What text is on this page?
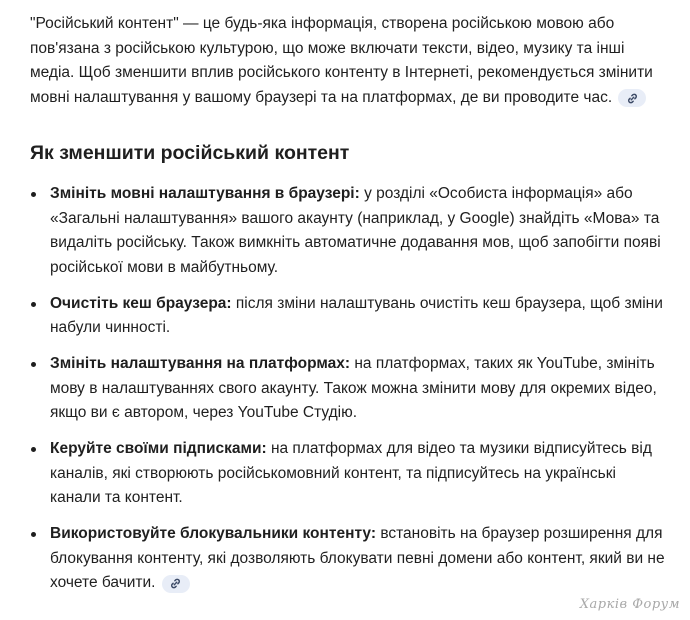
"Російський контент" — це будь-яка інформація, створена російською мовою або пов'язана з російською культурою, що може включати тексти, відео, музику та інші медіа. Щоб зменшити вплив російського контенту в Інтернеті, рекомендується змінити мовні налаштування у вашому браузері та на платформах, де ви проводите час.

Як зменшити російський контент
Змініть мовні налаштування в браузері: у розділі «Особиста інформація» або «Загальні налаштування» вашого акаунту (наприклад, у Google) знайдіть «Мова» та видаліть російську. Також вимкніть автоматичне додавання мов, щоб запобігти появі російської мови в майбутньому.
Очистіть кеш браузера: після зміни налаштувань очистіть кеш браузера, щоб зміни набули чинності.
Змініть налаштування на платформах: на платформах, таких як YouTube, змініть мову в налаштуваннях свого акаунту. Також можна змінити мову для окремих відео, якщо ви є автором, через YouTube Студію.
Керуйте своїми підписками: на платформах для відео та музики відписуйтесь від каналів, які створюють російськомовний контент, та підписуйтесь на українські канали та контент.
Використовуйте блокувальники контенту: встановіть на браузер розширення для блокування контенту, які дозволяють блокувати певні домени або контент, який ви не хочете бачити.
Харків Форум
